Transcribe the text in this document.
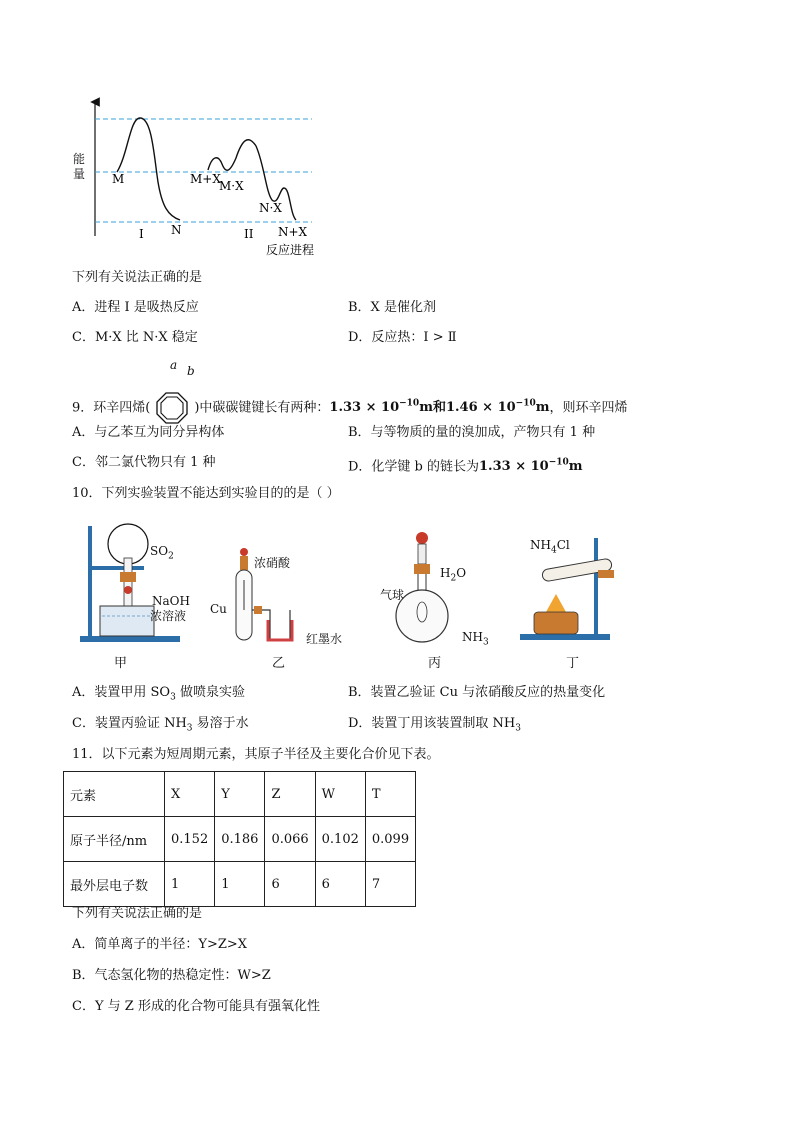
M
I N
M+X
M·X
N·X
II N+X
反应进程
能量
下列有关说法正确的是
A．进程 I 是吸热反应	B．X 是催化剂
C．M·X 比 N·X 稳定	D．反应热：I > Ⅱ
9．环辛四烯(	)中碳碳键键长有两种：$1.33 \times 10^{-10}m$和$1.46 \times 10^{-10}m$，则环辛四烯
a b
A．与乙苯互为同分异构体	B．与等物质的量的溴加成，产物只有 1 种
C．邻二氯代物只有 1 种	D．化学键 b 的链长为$1.33 \times 10^{-10}m$
10．下列实验装置不能达到实验目的的是（ ）
$SO_2$
NaOH
浓溶液
甲
浓硝酸
Cu
红墨水
乙
$H_2O$
气球
$NH_3$
丙
$NH_4Cl$
丁
A．装置甲用 $SO_3$ 做喷泉实验	B．装置乙验证 Cu 与浓硝酸反应的热量变化
C．装置丙验证 $NH_3$ 易溶于水	D．装置丁用该装置制取 $NH_3$
11．以下元素为短周期元素，其原子半径及主要化合价见下表。
元素	X	Y	Z	W	T
原子半径/nm	0.152	0.186	0.066	0.102	0.099
最外层电子数	1	1	6	6	7
下列有关说法正确的是
A．简单离子的半径：Y>Z>X
B．气态氢化物的热稳定性：W>Z
C．Y 与 Z 形成的化合物可能具有强氧化性
